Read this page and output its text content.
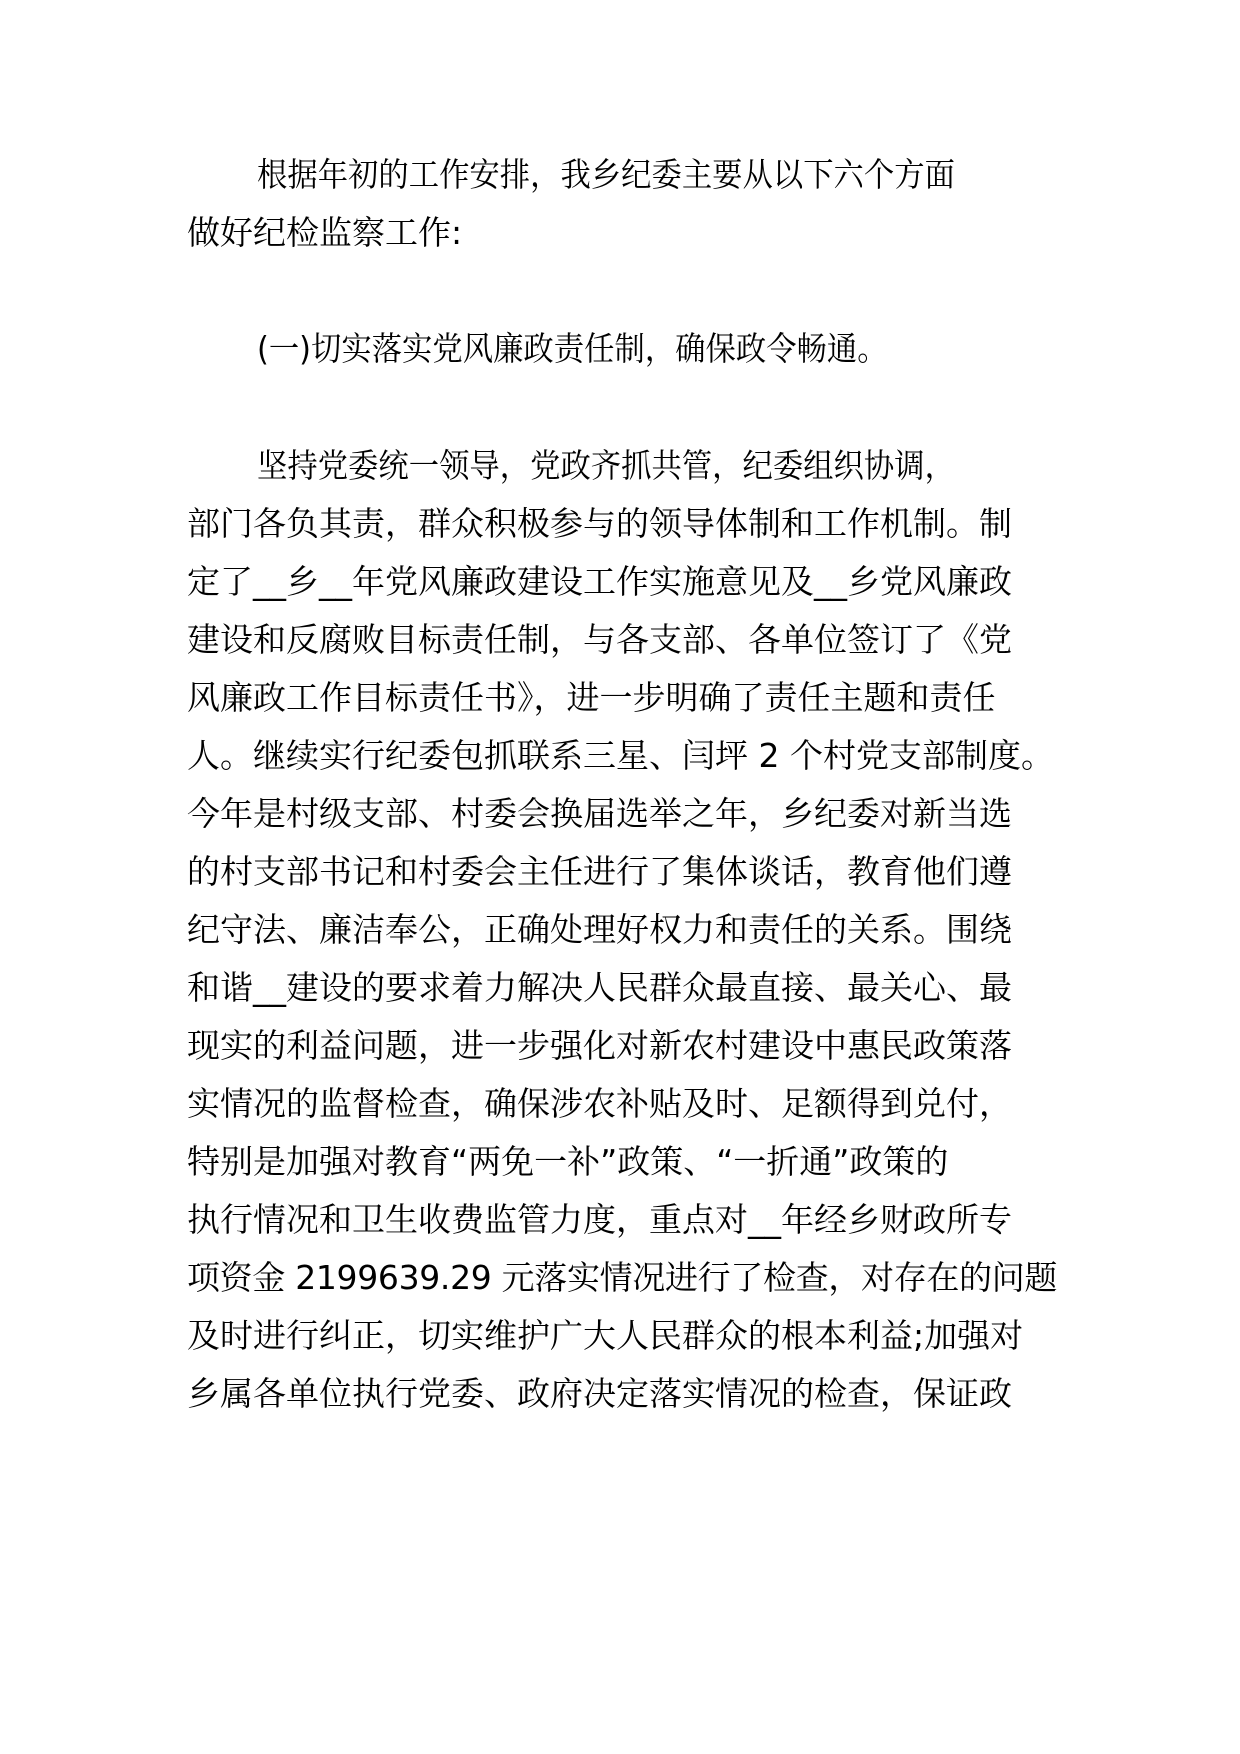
根据年初的工作安排，我乡纪委主要从以下六个方面
做好纪检监察工作:
(一)切实落实党风廉政责任制，确保政令畅通。
坚持党委统一领导，党政齐抓共管，纪委组织协调，
部门各负其责，群众积极参与的领导体制和工作机制。制
定了__乡__年党风廉政建设工作实施意见及__乡党风廉政
建设和反腐败目标责任制，与各支部、各单位签订了《党
风廉政工作目标责任书》，进一步明确了责任主题和责任
人。继续实行纪委包抓联系三星、闫坪 2 个村党支部制度。
今年是村级支部、村委会换届选举之年，乡纪委对新当选
的村支部书记和村委会主任进行了集体谈话，教育他们遵
纪守法、廉洁奉公，正确处理好权力和责任的关系。围绕
和谐__建设的要求着力解决人民群众最直接、最关心、最
现实的利益问题，进一步强化对新农村建设中惠民政策落
实情况的监督检查，确保涉农补贴及时、足额得到兑付，
特别是加强对教育“两免一补”政策、“一折通”政策的
执行情况和卫生收费监管力度，重点对__年经乡财政所专
项资金 2199639.29 元落实情况进行了检查，对存在的问题
及时进行纠正，切实维护广大人民群众的根本利益;加强对
乡属各单位执行党委、政府决定落实情况的检查，保证政
